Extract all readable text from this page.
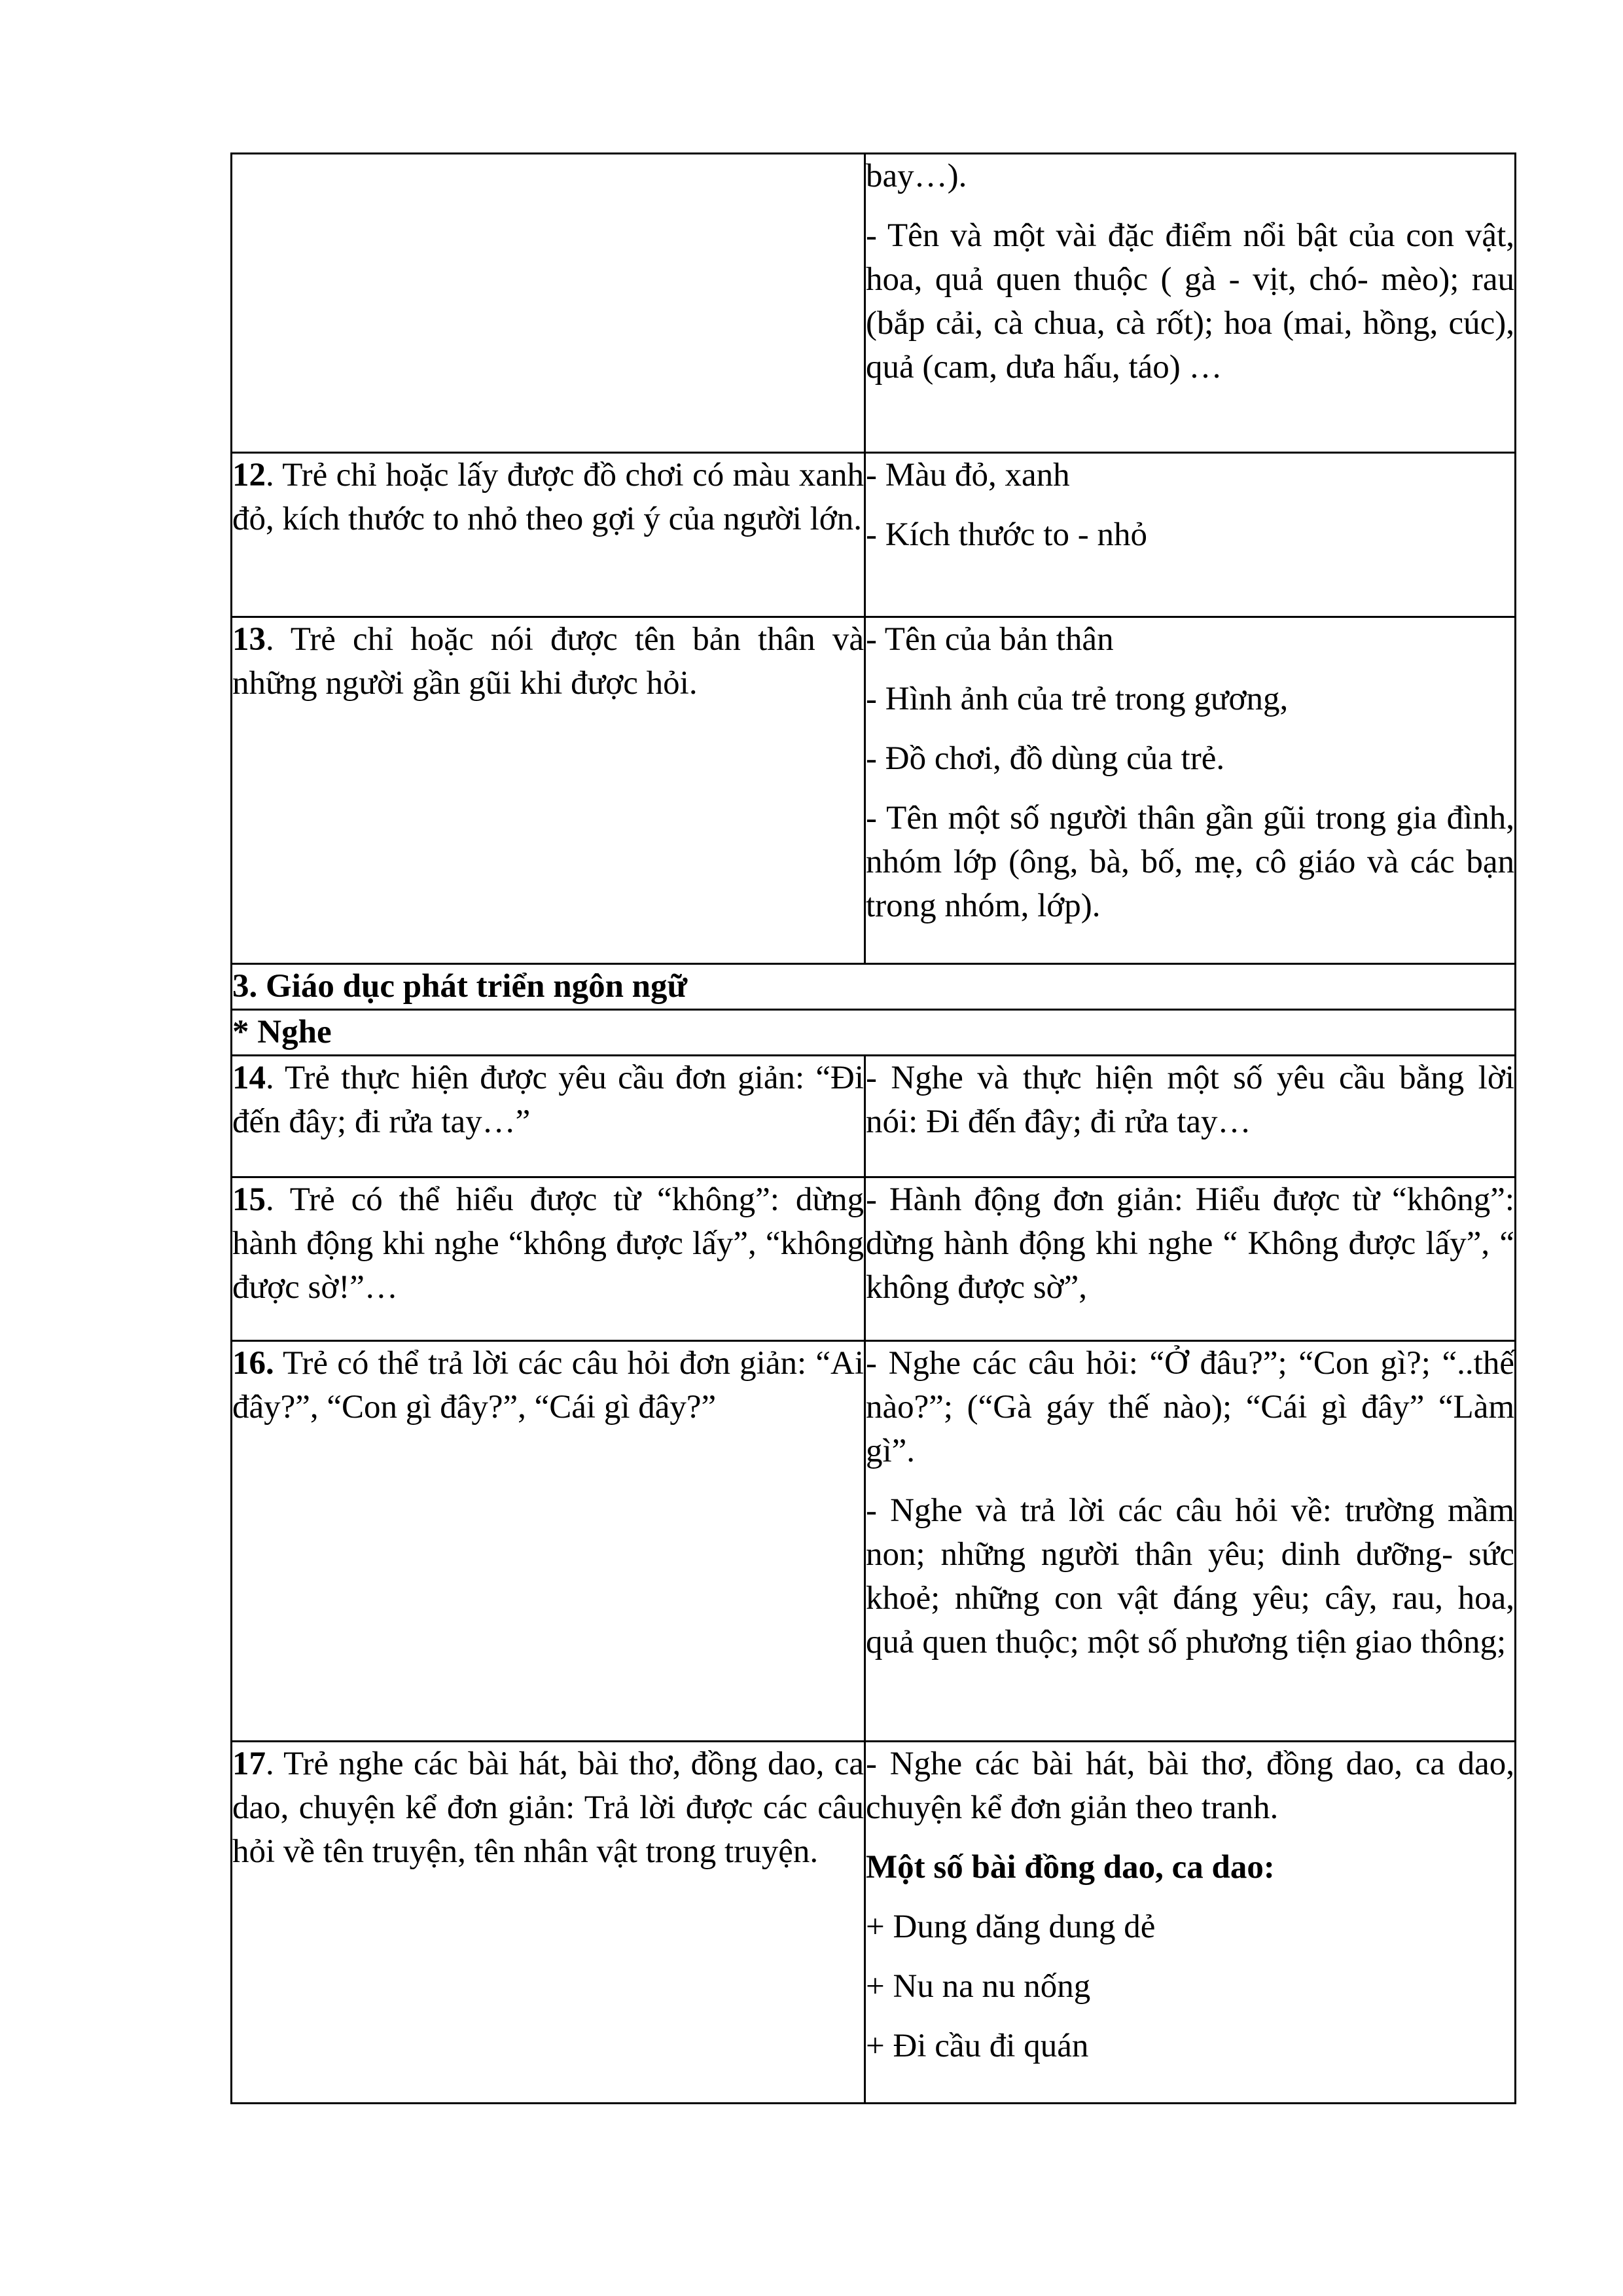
	bay…).

- Tên và một vài đặc điểm nổi bật của con vật, hoa, quả quen thuộc ( gà - vịt, chó- mèo); rau (bắp cải, cà chua, cà rốt); hoa (mai, hồng, cúc), quả (cam, dưa hấu, táo) …

12. Trẻ chỉ hoặc lấy được đồ chơi có màu xanh đỏ, kích thước to nhỏ theo gợi ý của người lớn.	- Màu đỏ, xanh

- Kích thước to - nhỏ

13. Trẻ chỉ hoặc nói được tên bản thân và những người gần gũi khi được hỏi.	- Tên của bản thân

- Hình ảnh của trẻ trong gương,

- Đồ chơi, đồ dùng của trẻ.

- Tên một số người thân gần gũi trong gia đình, nhóm lớp (ông, bà, bố, mẹ, cô giáo và các bạn trong nhóm, lớp).

3. Giáo dục phát triển ngôn ngữ	
* Nghe	
14. Trẻ thực hiện được yêu cầu đơn giản: “Đi đến đây; đi rửa tay…”	- Nghe và thực hiện một số yêu cầu bằng lời nói: Đi đến đây; đi rửa tay…

15. Trẻ có thể hiểu được từ “không”: dừng hành động khi nghe “không được lấy”, “không được sờ!”…	- Hành động đơn giản: Hiểu được từ “không”: dừng hành động khi nghe “ Không được lấy”, “ không được sờ”,

16. Trẻ có thể trả lời các câu hỏi đơn giản: “Ai đây?”, “Con gì đây?”, “Cái gì đây?”	- Nghe các câu hỏi: “Ở đâu?”; “Con gì?; “..thế nào?”; (“Gà gáy thế nào); “Cái gì đây” “Làm gì”.

- Nghe và trả lời các câu hỏi về: trường mầm non; những người thân yêu; dinh dưỡng- sức khoẻ; những con vật đáng yêu; cây, rau, hoa, quả quen thuộc; một số phương tiện giao thông;

17. Trẻ nghe các bài hát, bài thơ, đồng dao, ca dao, chuyện kể đơn giản: Trả lời được các câu hỏi về tên truyện, tên nhân vật trong truyện.	- Nghe các bài hát, bài thơ, đồng dao, ca dao, chuyện kể đơn giản theo tranh.

Một số bài đồng dao, ca dao:

+ Dung dăng dung dẻ

+ Nu na nu nống

+ Đi cầu đi quán
